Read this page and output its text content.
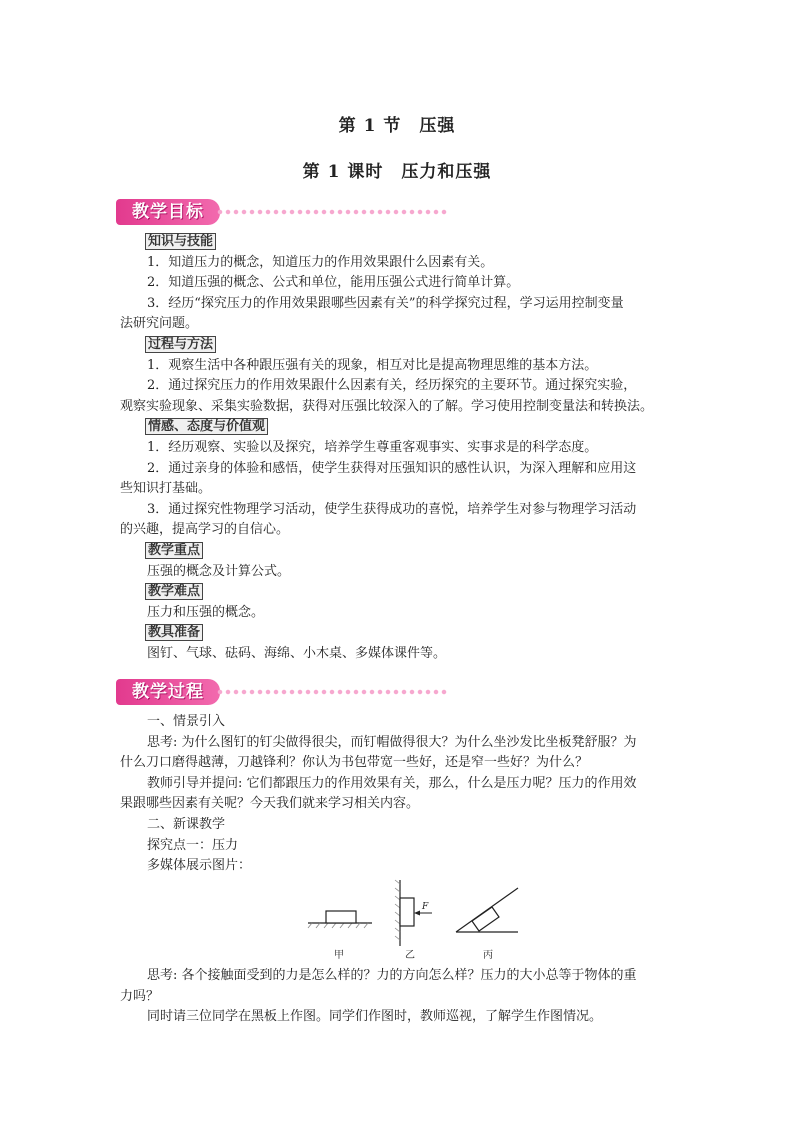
第 1 节　压强
第 1 课时　压力和压强
教学目标
知识与技能
1．知道压力的概念，知道压力的作用效果跟什么因素有关。
2．知道压强的概念、公式和单位，能用压强公式进行简单计算。
3．经历“探究压力的作用效果跟哪些因素有关”的科学探究过程，学习运用控制变量
法研究问题。
过程与方法
1．观察生活中各种跟压强有关的现象，相互对比是提高物理思维的基本方法。
2．通过探究压力的作用效果跟什么因素有关，经历探究的主要环节。通过探究实验，
观察实验现象、采集实验数据，获得对压强比较深入的了解。学习使用控制变量法和转换法。
情感、态度与价值观
1．经历观察、实验以及探究，培养学生尊重客观事实、实事求是的科学态度。
2．通过亲身的体验和感悟，使学生获得对压强知识的感性认识，为深入理解和应用这
些知识打基础。
3．通过探究性物理学习活动，使学生获得成功的喜悦，培养学生对参与物理学习活动
的兴趣，提高学习的自信心。
教学重点
压强的概念及计算公式。
教学难点
压力和压强的概念。
教具准备
图钉、气球、砝码、海绵、小木桌、多媒体课件等。
教学过程
一、情景引入
思考: 为什么图钉的钉尖做得很尖，而钉帽做得很大？为什么坐沙发比坐板凳舒服？为
什么刀口磨得越薄，刀越锋利？你认为书包带宽一些好，还是窄一些好？为什么？
教师引导并提问: 它们都跟压力的作用效果有关，那么，什么是压力呢？压力的作用效
果跟哪些因素有关呢？今天我们就来学习相关内容。
二、新课教学
探究点一：压力
多媒体展示图片：
F
甲	乙	丙
思考: 各个接触面受到的力是怎么样的？力的方向怎么样？压力的大小总等于物体的重
力吗？
同时请三位同学在黑板上作图。同学们作图时，教师巡视，了解学生作图情况。
